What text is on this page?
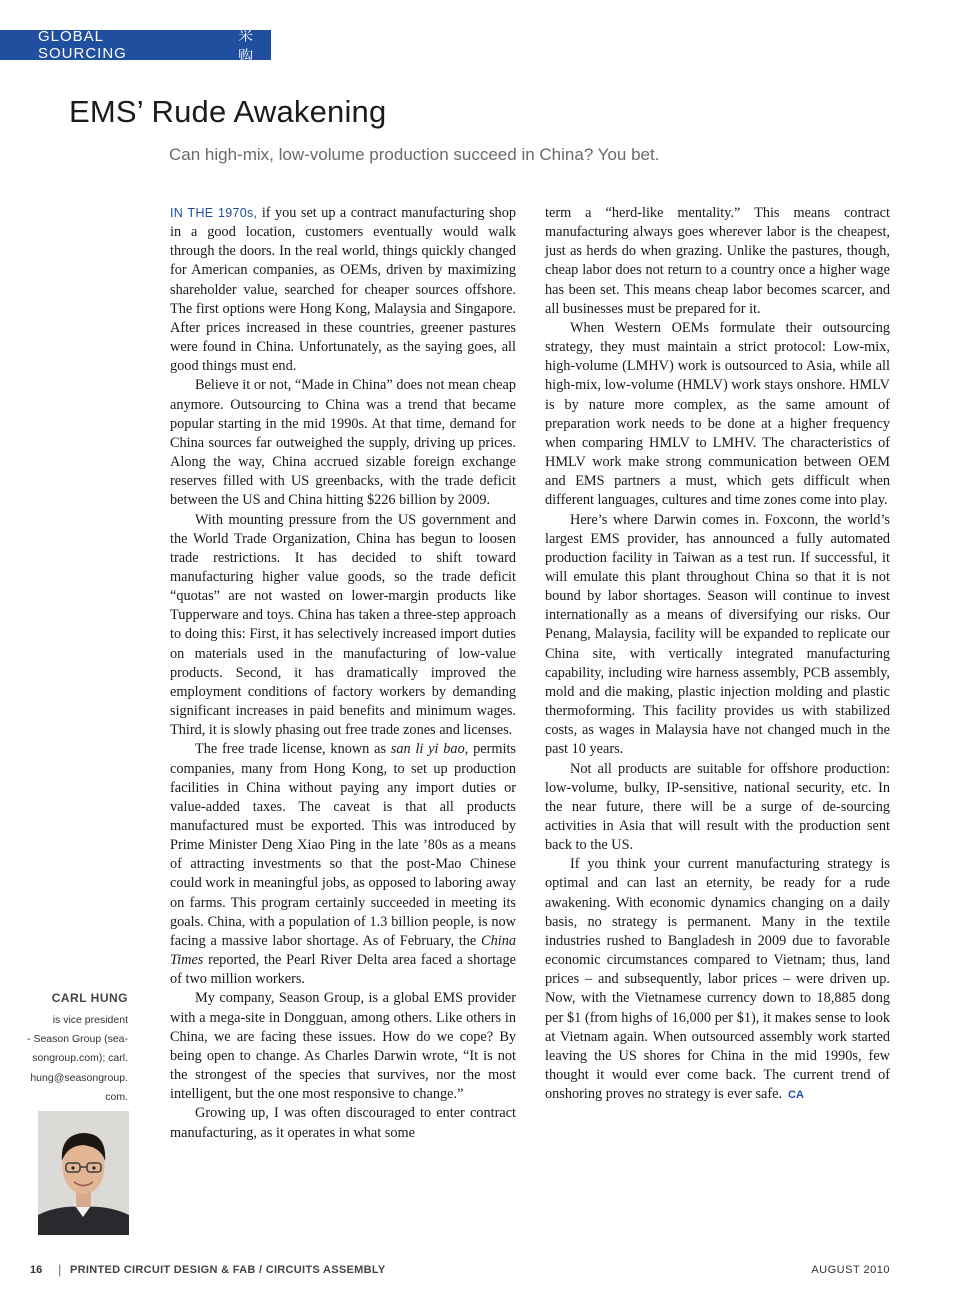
GLOBAL SOURCING
采购
EMS’ Rude Awakening

Can high-mix, low-volume production succeed in China? You bet.

IN THE 1970s, if you set up a contract manufacturing shop in a good location, customers eventually would walk through the doors. In the real world, things quickly changed for American companies, as OEMs, driven by maximizing shareholder value, searched for cheaper sources offshore. The first options were Hong Kong, Malaysia and Singapore. After prices increased in these countries, greener pastures were found in China. Unfortunately, as the saying goes, all good things must end.

Believe it or not, “Made in China” does not mean cheap anymore. Outsourcing to China was a trend that became popular starting in the mid 1990s. At that time, demand for China sources far outweighed the supply, driving up prices. Along the way, China accrued sizable foreign exchange reserves filled with US greenbacks, with the trade deficit between the US and China hitting $226 billion by 2009.

With mounting pressure from the US government and the World Trade Organization, China has begun to loosen trade restrictions. It has decided to shift toward manufacturing higher value goods, so the trade deficit “quotas” are not wasted on lower-margin products like Tupperware and toys. China has taken a three-step approach to doing this: First, it has selectively increased import duties on materials used in the manufacturing of low-value products. Second, it has dramatically improved the employment conditions of factory workers by demanding significant increases in paid benefits and minimum wages. Third, it is slowly phasing out free trade zones and licenses.

The free trade license, known as san li yi bao, permits companies, many from Hong Kong, to set up production facilities in China without paying any import duties or value-added taxes. The caveat is that all products manufactured must be exported. This was introduced by Prime Minister Deng Xiao Ping in the late ’80s as a means of attracting investments so that the post-Mao Chinese could work in meaningful jobs, as opposed to laboring away on farms. This program certainly succeeded in meeting its goals. China, with a population of 1.3 billion people, is now facing a massive labor shortage. As of February, the China Times reported, the Pearl River Delta area faced a shortage of two million workers.

My company, Season Group, is a global EMS provider with a mega-site in Dongguan, among others. Like others in China, we are facing these issues. How do we cope? By being open to change. As Charles Darwin wrote, “It is not the strongest of the species that survives, nor the most intelligent, but the one most responsive to change.”

Growing up, I was often discouraged to enter contract manufacturing, as it operates in what some

term a “herd-like mentality.” This means contract manufacturing always goes wherever labor is the cheapest, just as herds do when grazing. Unlike the pastures, though, cheap labor does not return to a country once a higher wage has been set. This means cheap labor becomes scarcer, and all businesses must be prepared for it.

When Western OEMs formulate their outsourcing strategy, they must maintain a strict protocol: Low-mix, high-volume (LMHV) work is outsourced to Asia, while all high-mix, low-volume (HMLV) work stays onshore. HMLV is by nature more complex, as the same amount of preparation work needs to be done at a higher frequency when comparing HMLV to LMHV. The characteristics of HMLV work make strong communication between OEM and EMS partners a must, which gets difficult when different languages, cultures and time zones come into play.

Here’s where Darwin comes in. Foxconn, the world’s largest EMS provider, has announced a fully automated production facility in Taiwan as a test run. If successful, it will emulate this plant throughout China so that it is not bound by labor shortages. Season will continue to invest internationally as a means of diversifying our risks. Our Penang, Malaysia, facility will be expanded to replicate our China site, with vertically integrated manufacturing capability, including wire harness assembly, PCB assembly, mold and die making, plastic injection molding and plastic thermoforming. This facility provides us with stabilized costs, as wages in Malaysia have not changed much in the past 10 years.

Not all products are suitable for offshore production: low-volume, bulky, IP-sensitive, national security, etc. In the near future, there will be a surge of de-sourcing activities in Asia that will result with the production sent back to the US.

If you think your current manufacturing strategy is optimal and can last an eternity, be ready for a rude awakening. With economic dynamics changing on a daily basis, no strategy is permanent. Many in the textile industries rushed to Bangladesh in 2009 due to favorable economic circumstances compared to Vietnam; thus, land prices – and subsequently, labor prices – were driven up. Now, with the Vietnamese currency down to 18,885 dong per $1 (from highs of 16,000 per $1), it makes sense to look at Vietnam again. When outsourced assembly work started leaving the US shores for China in the mid 1990s, few thought it would ever come back. The current trend of onshoring proves no strategy is ever safe. CA

CARL HUNG
is vice president
- Season Group (sea-
songroup.com); carl.
hung@seasongroup.
com.
16 | PRINTED CIRCUIT DESIGN & FAB / CIRCUITS ASSEMBLY	AUGUST 2010
